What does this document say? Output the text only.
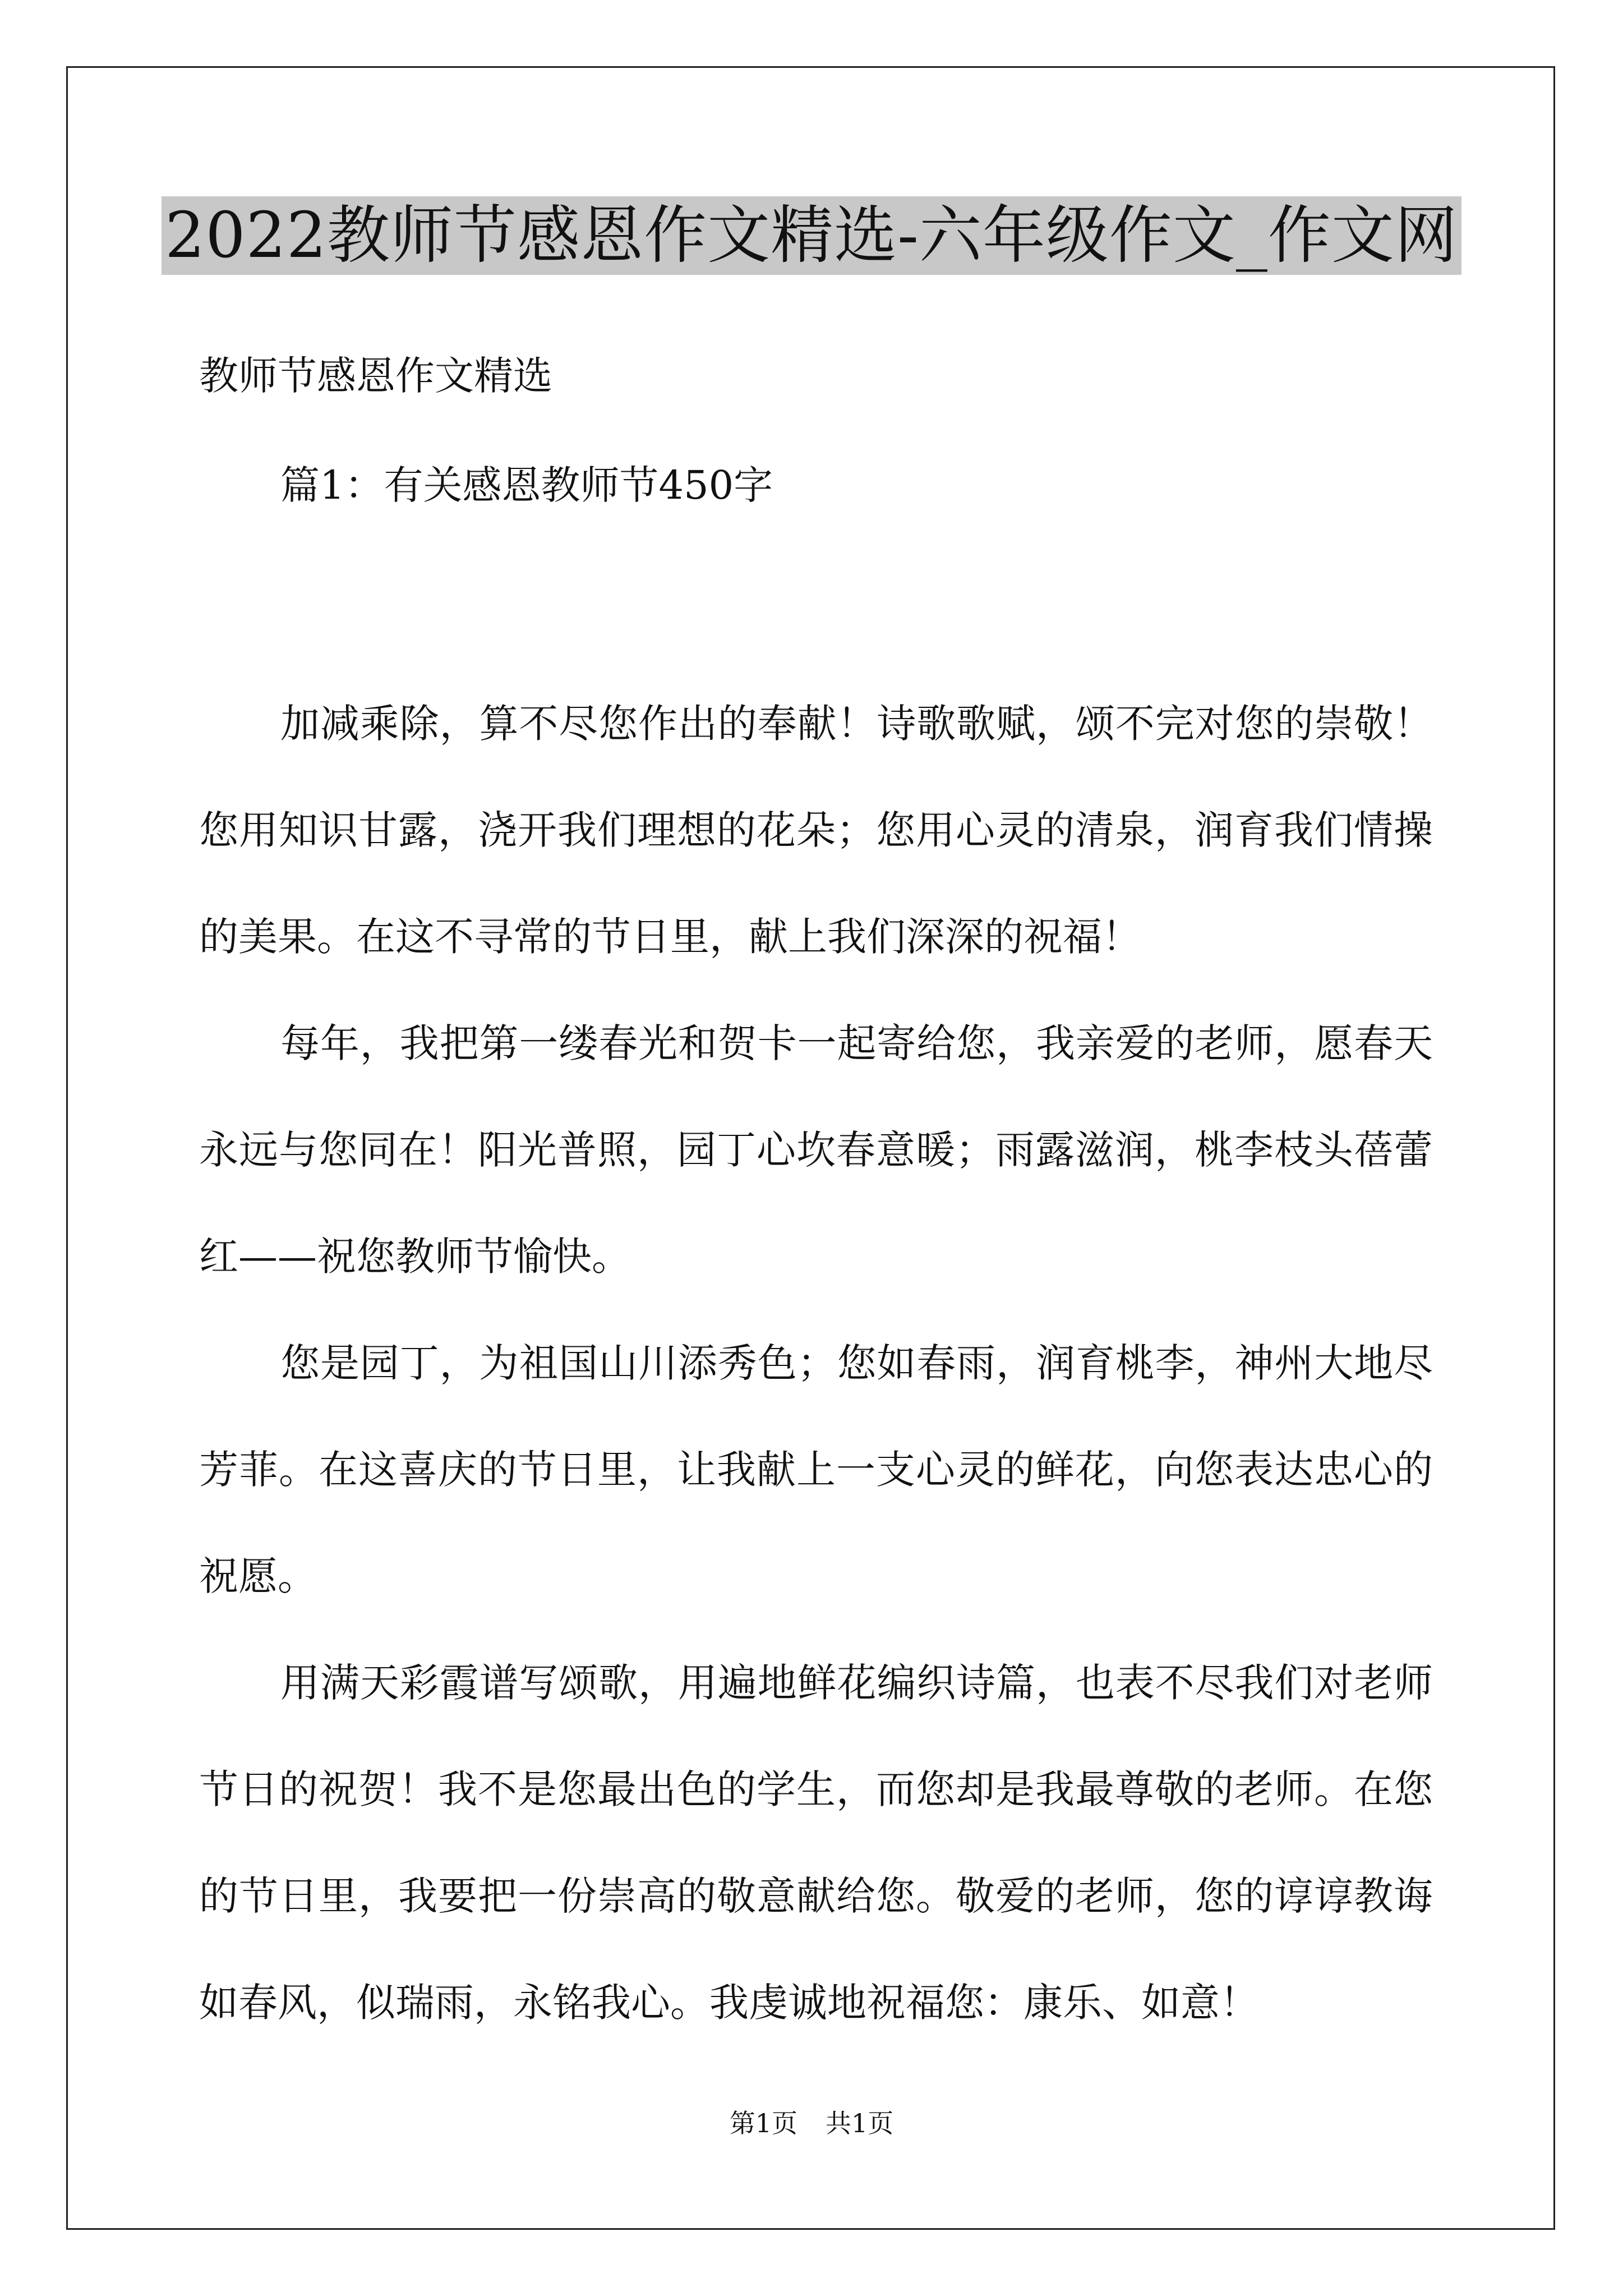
2022教师节感恩作文精选-六年级作文_作文网
教师节感恩作文精选
篇1：有关感恩教师节450字

加减乘除，算不尽您作出的奉献！诗歌歌赋，颂不完对您的崇敬！您用知识甘露，浇开我们理想的花朵；您用心灵的清泉，润育我们情操的美果。在这不寻常的节日里，献上我们深深的祝福！

每年，我把第一缕春光和贺卡一起寄给您，我亲爱的老师，愿春天永远与您同在！阳光普照，园丁心坎春意暖；雨露滋润，桃李枝头蓓蕾红——祝您教师节愉快。

您是园丁，为祖国山川添秀色；您如春雨，润育桃李，神州大地尽芳菲。在这喜庆的节日里，让我献上一支心灵的鲜花，向您表达忠心的祝愿。

用满天彩霞谱写颂歌，用遍地鲜花编织诗篇，也表不尽我们对老师节日的祝贺！我不是您最出色的学生，而您却是我最尊敬的老师。在您的节日里，我要把一份崇高的敬意献给您。敬爱的老师，您的谆谆教诲如春风，似瑞雨，永铭我心。我虔诚地祝福您：康乐、如意！

第1页 共1页
